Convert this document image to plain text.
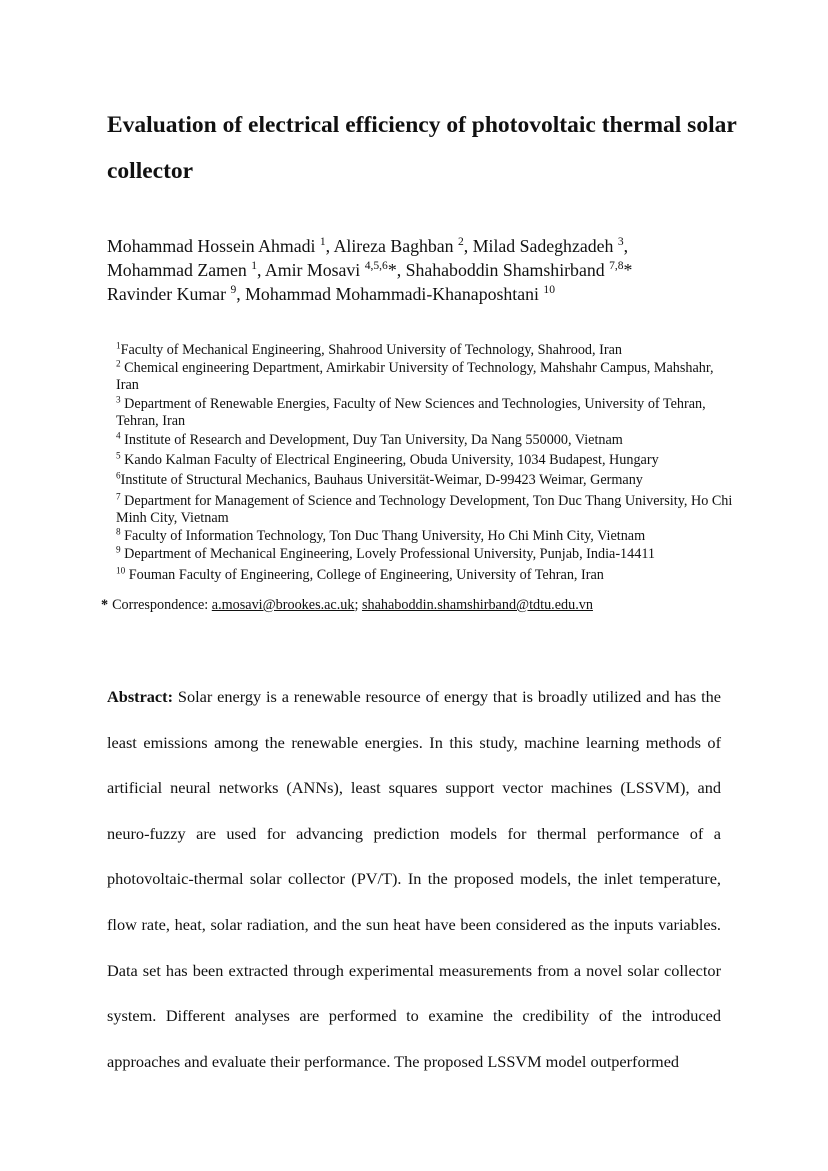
Evaluation of electrical efficiency of photovoltaic thermal solar collector
Mohammad Hossein Ahmadi $^1$, Alireza Baghban $^2$, Milad Sadeghzadeh $^3$,
Mohammad Zamen $^1$, Amir Mosavi $^{4,5,6}$*, Shahaboddin Shamshirband $^{7,8}$*
Ravinder Kumar $^9$, Mohammad Mohammadi-Khanaposhtani $^{10}$

$^1$Faculty of Mechanical Engineering, Shahrood University of Technology, Shahrood, Iran

$^2$ Chemical engineering Department, Amirkabir University of Technology, Mahshahr Campus, Mahshahr, Iran

$^3$ Department of Renewable Energies, Faculty of New Sciences and Technologies, University of Tehran, Tehran, Iran

$^4$ Institute of Research and Development, Duy Tan University, Da Nang 550000, Vietnam

$^5$ Kando Kalman Faculty of Electrical Engineering, Obuda University, 1034 Budapest, Hungary

$^6$Institute of Structural Mechanics, Bauhaus Universität-Weimar, D-99423 Weimar, Germany

$^7$ Department for Management of Science and Technology Development, Ton Duc Thang University, Ho Chi Minh City, Vietnam

$^8$ Faculty of Information Technology, Ton Duc Thang University, Ho Chi Minh City, Vietnam

$^9$ Department of Mechanical Engineering, Lovely Professional University, Punjab, India-14411

$^{10}$ Fouman Faculty of Engineering, College of Engineering, University of Tehran, Iran

* Correspondence: a.mosavi@brookes.ac.uk; shahaboddin.shamshirband@tdtu.edu.vn

Abstract: Solar energy is a renewable resource of energy that is broadly utilized and has the least emissions among the renewable energies. In this study, machine learning methods of artificial neural networks (ANNs), least squares support vector machines (LSSVM), and neuro-fuzzy are used for advancing prediction models for thermal performance of a photovoltaic-thermal solar collector (PV/T). In the proposed models, the inlet temperature, flow rate, heat, solar radiation, and the sun heat have been considered as the inputs variables. Data set has been extracted through experimental measurements from a novel solar collector system. Different analyses are performed to examine the credibility of the introduced approaches and evaluate their performance. The proposed LSSVM model outperformed
